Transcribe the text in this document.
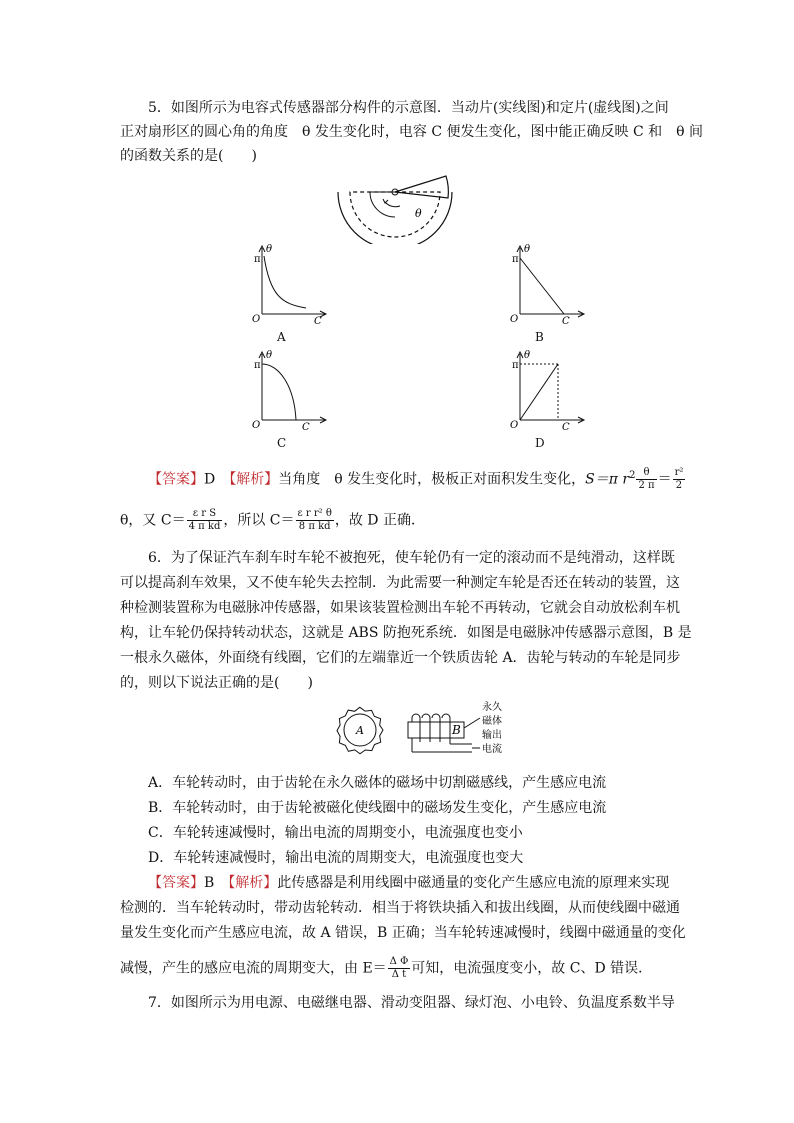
5．如图所示为电容式传感器部分构件的示意图．当动片(实线图)和定片(虚线图)之间
正对扇形区的圆心角的角度　θ 发生变化时，电容 C 便发生变化，图中能正确反映 C 和　θ 间
的函数关系的是(　　)
θ
π
θ
O	C
A
π
θ
O	C
B
π
θ
O	C
C
π
θ
O	C
D
【答案】D　 【解析】当角度　θ 发生变化时，极板正对面积发生变化，S＝π $r^2 \frac{\theta}{2 \pi} = \frac{\text{r²}}{2}$
θ，又 $C= \frac{\text{ε r S}}{\text{4 π kd}}$ ，所以 $C= \frac{\text{ε r r² θ}}{\text{8 π kd}}$ ，故 D 正确．
6．为了保证汽车刹车时车轮不被抱死，使车轮仍有一定的滚动而不是纯滑动，这样既
可以提高刹车效果，又不使车轮失去控制．为此需要一种测定车轮是否还在转动的装置，这
种检测装置称为电磁脉冲传感器，如果该装置检测出车轮不再转动，它就会自动放松刹车机
构，让车轮仍保持转动状态，这就是 ABS 防抱死系统．如图是电磁脉冲传感器示意图，B 是
一根永久磁体，外面绕有线圈，它们的左端靠近一个铁质齿轮 A．齿轮与转动的车轮是同步
的，则以下说法正确的是(　　)
A	B
永久
磁体
输出
电流
A．车轮转动时，由于齿轮在永久磁体的磁场中切割磁感线，产生感应电流
B．车轮转动时，由于齿轮被磁化使线圈中的磁场发生变化，产生感应电流
C．车轮转速减慢时，输出电流的周期变小，电流强度也变小
D．车轮转速减慢时，输出电流的周期变大，电流强度也变大
【答案】B　 【解析】此传感器是利用线圈中磁通量的变化产生感应电流的原理来实现
检测的．当车轮转动时，带动齿轮转动．相当于将铁块插入和拔出线圈，从而使线圈中磁通
量发生变化而产生感应电流，故 A 错误，B 正确；当车轮转速减慢时，线圈中磁通量的变化
减慢，产生的感应电流的周期变大，由 $E= \frac{\text{Δ Φ}}{\text{Δ t}}$ 可知，电流强度变小，故 C、D 错误．
7．如图所示为用电源、电磁继电器、滑动变阻器、绿灯泡、小电铃、负温度系数半导
